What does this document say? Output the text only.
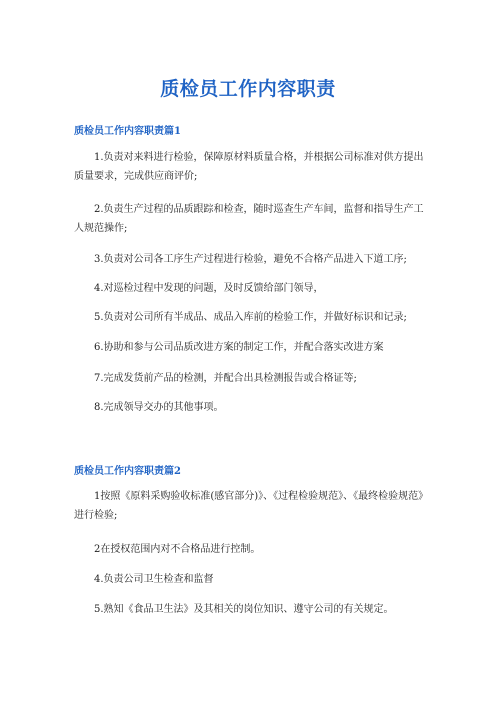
质检员工作内容职责
质检员工作内容职责篇1
1.负责对来料进行检验，保障原材料质量合格，并根据公司标准对供方提出质量要求，完成供应商评价;
2.负责生产过程的品质跟踪和检查，随时巡查生产车间，监督和指导生产工人规范操作;
3.负责对公司各工序生产过程进行检验，避免不合格产品进入下道工序;
4.对巡检过程中发现的问题，及时反馈给部门领导，
5.负责对公司所有半成品、成品入库前的检验工作，并做好标识和记录;
6.协助和参与公司品质改进方案的制定工作，并配合落实改进方案
7.完成发货前产品的检测，并配合出具检测报告或合格证等;
8.完成领导交办的其他事项。
质检员工作内容职责篇2
1按照《原料采购验收标准(感官部分)》、《过程检验规范》、《最终检验规范》进行检验;
2在授权范围内对不合格品进行控制。
4.负责公司卫生检查和监督
5.熟知《食品卫生法》及其相关的岗位知识、遵守公司的有关规定。
